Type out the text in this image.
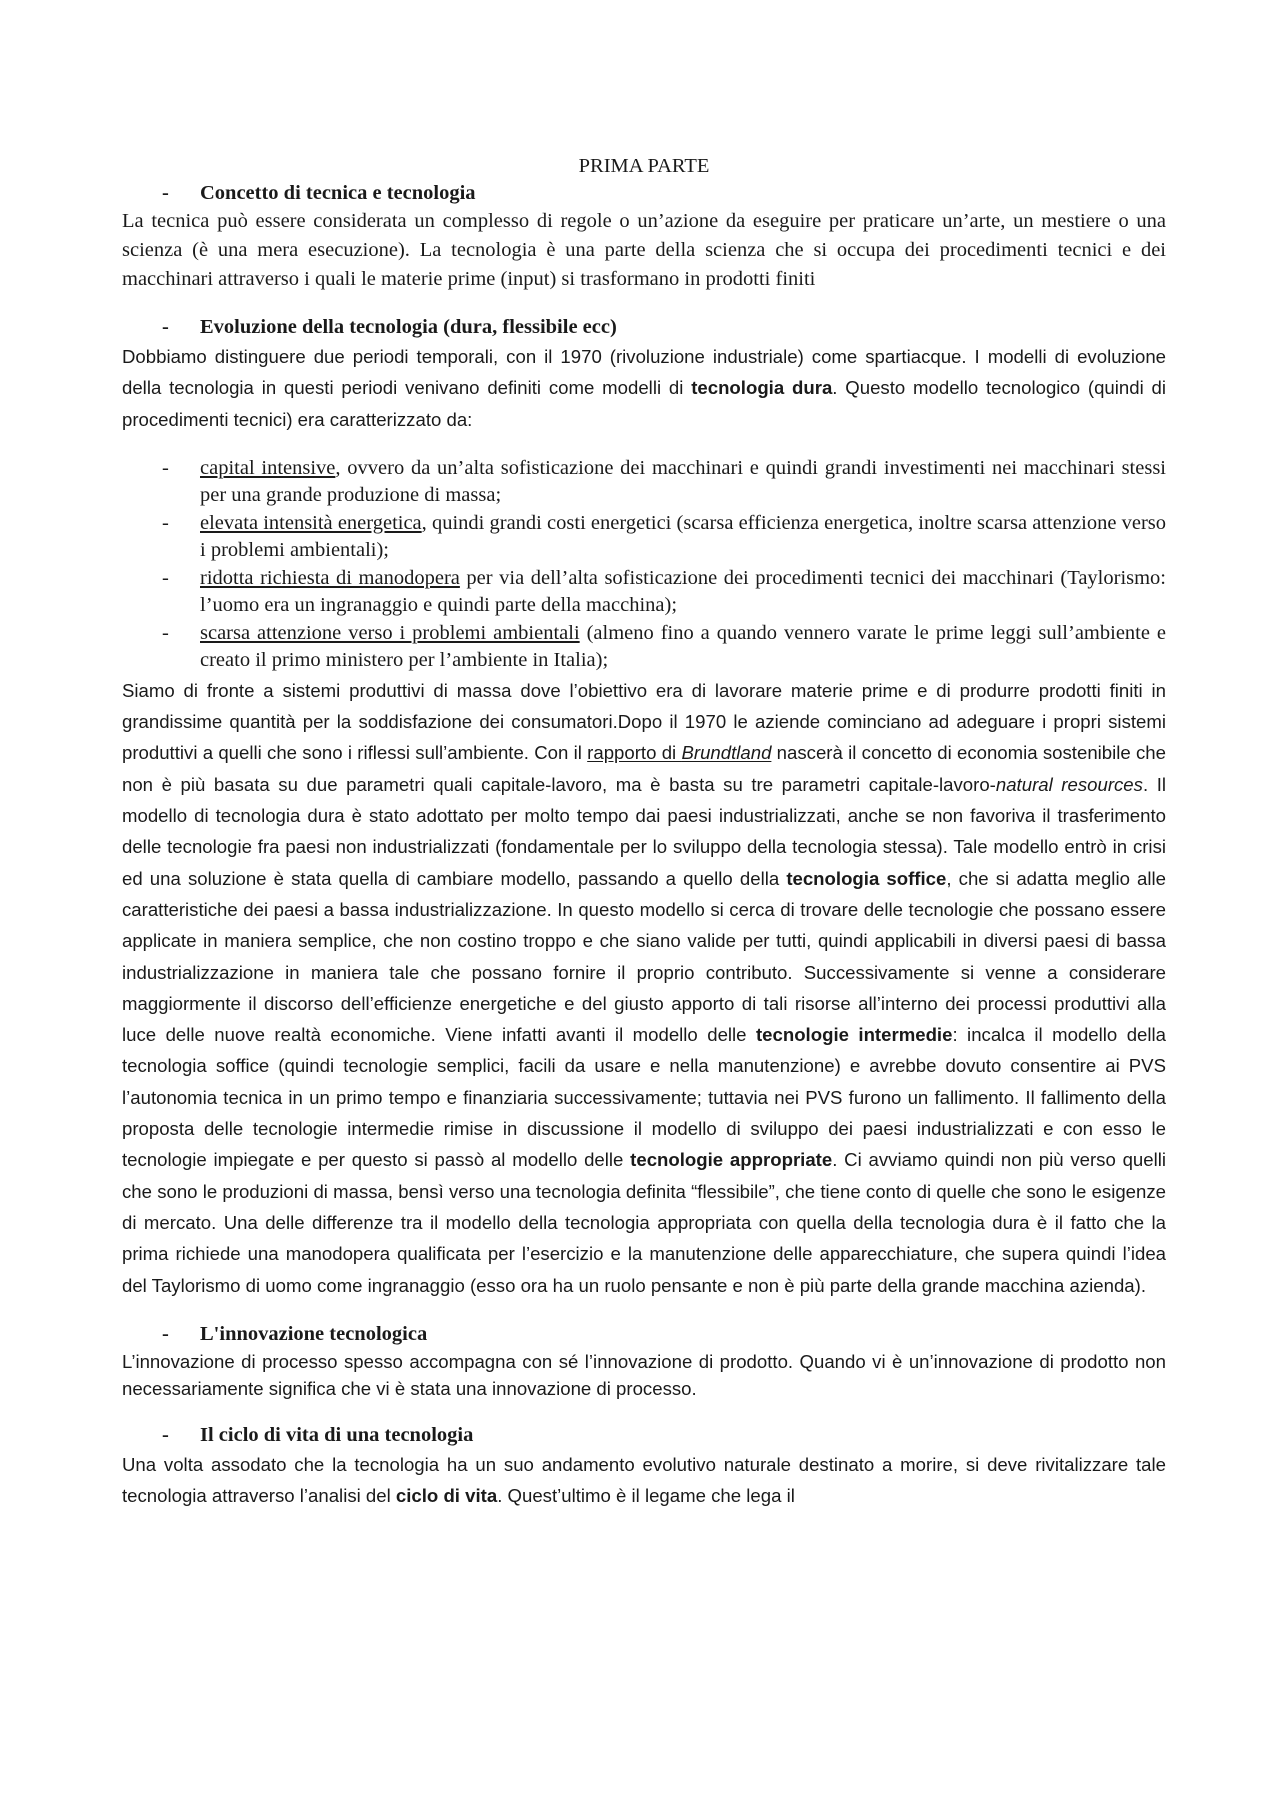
PRIMA PARTE

- Concetto di tecnica e tecnologia

La tecnica può essere considerata un complesso di regole o un’azione da eseguire per praticare un’arte, un mestiere o una scienza (è una mera esecuzione). La tecnologia è una parte della scienza che si occupa dei procedimenti tecnici e dei macchinari attraverso i quali le materie prime (input) si trasformano in prodotti finiti

- Evoluzione della tecnologia (dura, flessibile ecc)

Dobbiamo distinguere due periodi temporali, con il 1970 (rivoluzione industriale) come spartiacque. I modelli di evoluzione della tecnologia in questi periodi venivano definiti come modelli di tecnologia dura. Questo modello tecnologico (quindi di procedimenti tecnici) era caratterizzato da:

- capital intensive, ovvero da un’alta sofisticazione dei macchinari e quindi grandi investimenti nei macchinari stessi per una grande produzione di massa;
- elevata intensità energetica, quindi grandi costi energetici (scarsa efficienza energetica, inoltre scarsa attenzione verso i problemi ambientali);
- ridotta richiesta di manodopera per via dell’alta sofisticazione dei procedimenti tecnici dei macchinari (Taylorismo: l’uomo era un ingranaggio e quindi parte della macchina);
- scarsa attenzione verso i problemi ambientali (almeno fino a quando vennero varate le prime leggi sull’ambiente e creato il primo ministero per l’ambiente in Italia);

Siamo di fronte a sistemi produttivi di massa dove l’obiettivo era di lavorare materie prime e di produrre prodotti finiti in grandissime quantità per la soddisfazione dei consumatori.Dopo il 1970 le aziende cominciano ad adeguare i propri sistemi produttivi a quelli che sono i riflessi sull’ambiente. Con il rapporto di Brundtland nascerà il concetto di economia sostenibile che non è più basata su due parametri quali capitale-lavoro, ma è basta su tre parametri capitale-lavoro-natural resources. Il modello di tecnologia dura è stato adottato per molto tempo dai paesi industrializzati, anche se non favoriva il trasferimento delle tecnologie fra paesi non industrializzati (fondamentale per lo sviluppo della tecnologia stessa). Tale modello entrò in crisi ed una soluzione è stata quella di cambiare modello, passando a quello della tecnologia soffice, che si adatta meglio alle caratteristiche dei paesi a bassa industrializzazione. In questo modello si cerca di trovare delle tecnologie che possano essere applicate in maniera semplice, che non costino troppo e che siano valide per tutti, quindi applicabili in diversi paesi di bassa industrializzazione in maniera tale che possano fornire il proprio contributo. Successivamente si venne a considerare maggiormente il discorso dell’efficienze energetiche e del giusto apporto di tali risorse all’interno dei processi produttivi alla luce delle nuove realtà economiche. Viene infatti avanti il modello delle tecnologie intermedie: incalca il modello della tecnologia soffice (quindi tecnologie semplici, facili da usare e nella manutenzione) e avrebbe dovuto consentire ai PVS l’autonomia tecnica in un primo tempo e finanziaria successivamente; tuttavia nei PVS furono un fallimento. Il fallimento della proposta delle tecnologie intermedie rimise in discussione il modello di sviluppo dei paesi industrializzati e con esso le tecnologie impiegate e per questo si passò al modello delle tecnologie appropriate. Ci avviamo quindi non più verso quelli che sono le produzioni di massa, bensì verso una tecnologia definita “flessibile”, che tiene conto di quelle che sono le esigenze di mercato. Una delle differenze tra il modello della tecnologia appropriata con quella della tecnologia dura è il fatto che la prima richiede una manodopera qualificata per l’esercizio e la manutenzione delle apparecchiature, che supera quindi l’idea del Taylorismo di uomo come ingranaggio (esso ora ha un ruolo pensante e non è più parte della grande macchina azienda).

- L'innovazione tecnologica

L’innovazione di processo spesso accompagna con sé l’innovazione di prodotto. Quando vi è un’innovazione di prodotto non necessariamente significa che vi è stata una innovazione di processo.

- Il ciclo di vita di una tecnologia

Una volta assodato che la tecnologia ha un suo andamento evolutivo naturale destinato a morire, si deve rivitalizzare tale tecnologia attraverso l’analisi del ciclo di vita. Quest’ultimo è il legame che lega il
